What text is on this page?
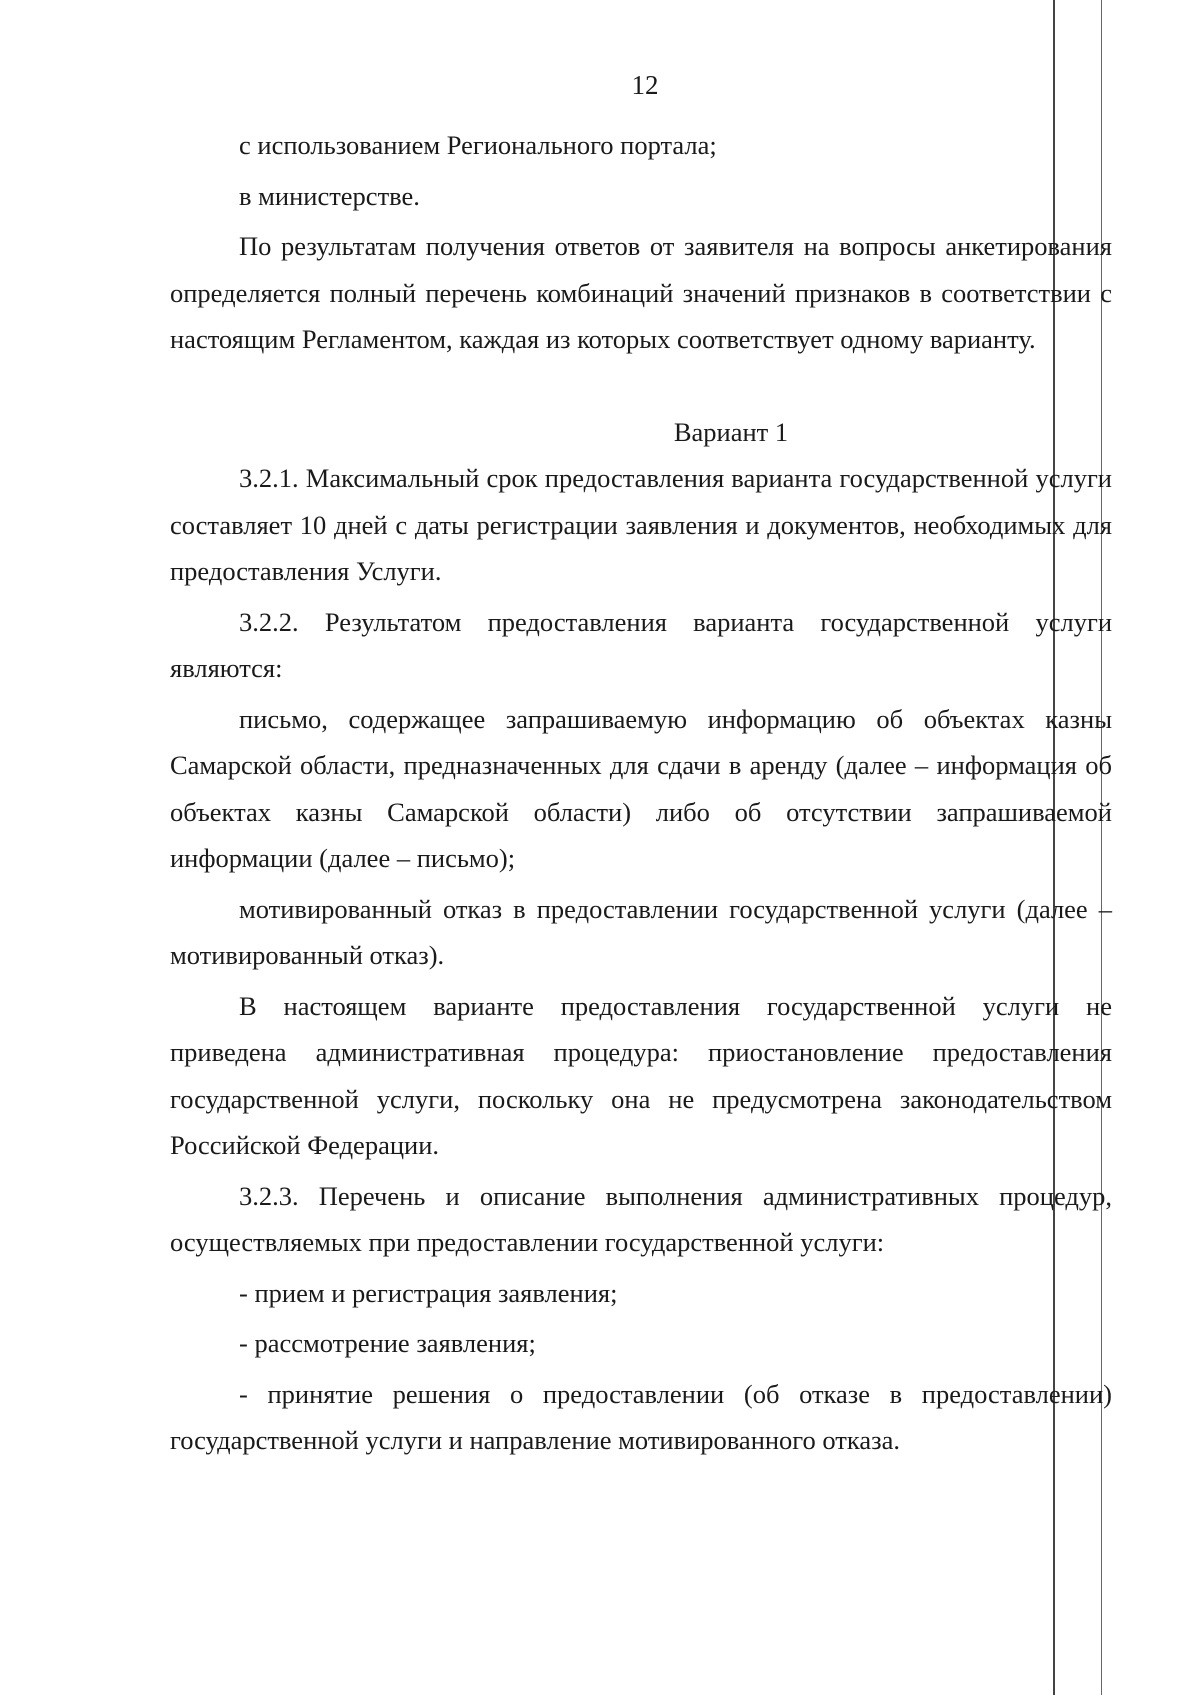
12

с использованием Регионального портала;

в министерстве.

По результатам получения ответов от заявителя на вопросы анкетирования определяется полный перечень комбинаций значений признаков в соответствии с настоящим Регламентом, каждая из которых соответствует одному варианту.

Вариант 1

3.2.1. Максимальный срок предоставления варианта государственной услуги составляет 10 дней с даты регистрации заявления и документов, необходимых для предоставления Услуги.

3.2.2. Результатом предоставления варианта государственной услуги являются:

письмо, содержащее запрашиваемую информацию об объектах казны Самарской области, предназначенных для сдачи в аренду (далее – информация об объектах казны Самарской области) либо об отсутствии запрашиваемой информации (далее – письмо);

мотивированный отказ в предоставлении государственной услуги (далее – мотивированный отказ).

В настоящем варианте предоставления государственной услуги не приведена административная процедура: приостановление предоставления государственной услуги, поскольку она не предусмотрена законодательством Российской Федерации.

3.2.3. Перечень и описание выполнения административных процедур, осуществляемых при предоставлении государственной услуги:

- прием и регистрация заявления;

- рассмотрение заявления;

- принятие решения о предоставлении (об отказе в предоставлении) государственной услуги и направление мотивированного отказа.
